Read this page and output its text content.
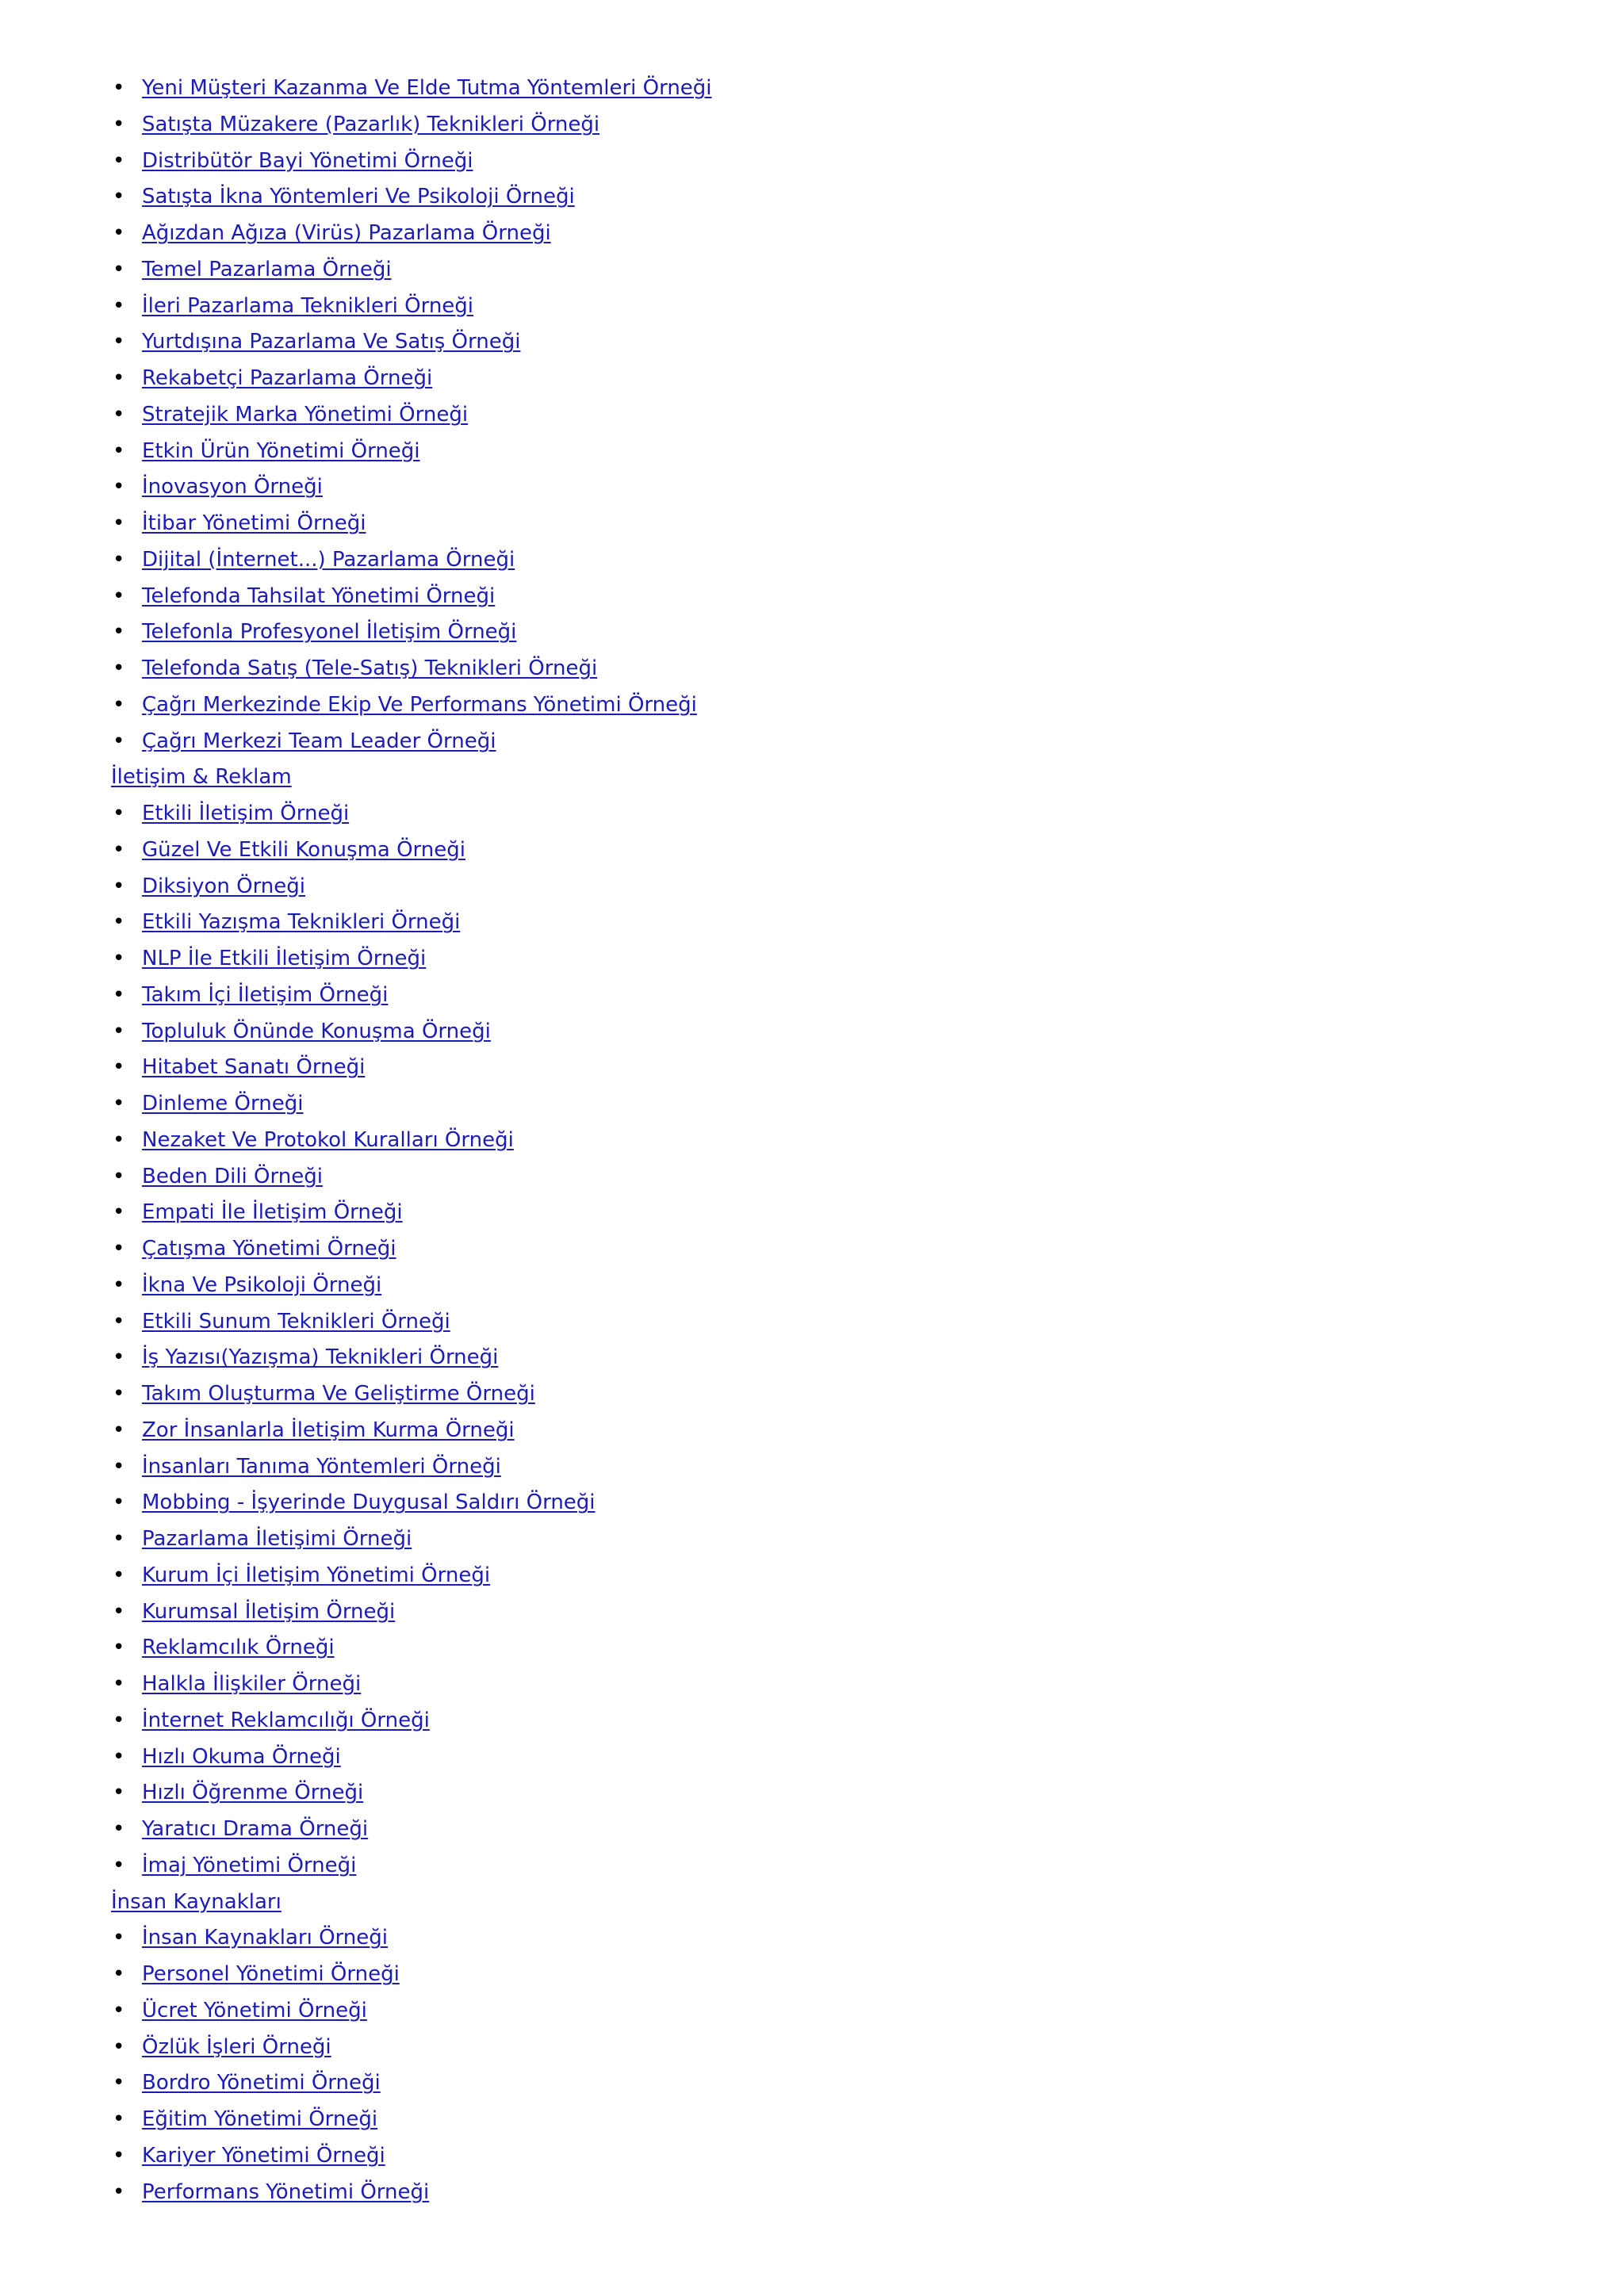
• Yeni Müşteri Kazanma Ve Elde Tutma Yöntemleri Örneği
• Satışta Müzakere (Pazarlık) Teknikleri Örneği
• Distribütör Bayi Yönetimi Örneği
• Satışta İkna Yöntemleri Ve Psikoloji Örneği
• Ağızdan Ağıza (Virüs) Pazarlama Örneği
• Temel Pazarlama Örneği
• İleri Pazarlama Teknikleri Örneği
• Yurtdışına Pazarlama Ve Satış Örneği
• Rekabetçi Pazarlama Örneği
• Stratejik Marka Yönetimi Örneği
• Etkin Ürün Yönetimi Örneği
• İnovasyon Örneği
• İtibar Yönetimi Örneği
• Dijital (İnternet...) Pazarlama Örneği
• Telefonda Tahsilat Yönetimi Örneği
• Telefonla Profesyonel İletişim Örneği
• Telefonda Satış (Tele-Satış) Teknikleri Örneği
• Çağrı Merkezinde Ekip Ve Performans Yönetimi Örneği
• Çağrı Merkezi Team Leader Örneği
İletişim & Reklam
• Etkili İletişim Örneği
• Güzel Ve Etkili Konuşma Örneği
• Diksiyon Örneği
• Etkili Yazışma Teknikleri Örneği
• NLP İle Etkili İletişim Örneği
• Takım İçi İletişim Örneği
• Topluluk Önünde Konuşma Örneği
• Hitabet Sanatı Örneği
• Dinleme Örneği
• Nezaket Ve Protokol Kuralları Örneği
• Beden Dili Örneği
• Empati İle İletişim Örneği
• Çatışma Yönetimi Örneği
• İkna Ve Psikoloji Örneği
• Etkili Sunum Teknikleri Örneği
• İş Yazısı(Yazışma) Teknikleri Örneği
• Takım Oluşturma Ve Geliştirme Örneği
• Zor İnsanlarla İletişim Kurma Örneği
• İnsanları Tanıma Yöntemleri Örneği
• Mobbing - İşyerinde Duygusal Saldırı Örneği
• Pazarlama İletişimi Örneği
• Kurum İçi İletişim Yönetimi Örneği
• Kurumsal İletişim Örneği
• Reklamcılık Örneği
• Halkla İlişkiler Örneği
• İnternet Reklamcılığı Örneği
• Hızlı Okuma Örneği
• Hızlı Öğrenme Örneği
• Yaratıcı Drama Örneği
• İmaj Yönetimi Örneği
İnsan Kaynakları
• İnsan Kaynakları Örneği
• Personel Yönetimi Örneği
• Ücret Yönetimi Örneği
• Özlük İşleri Örneği
• Bordro Yönetimi Örneği
• Eğitim Yönetimi Örneği
• Kariyer Yönetimi Örneği
• Performans Yönetimi Örneği
